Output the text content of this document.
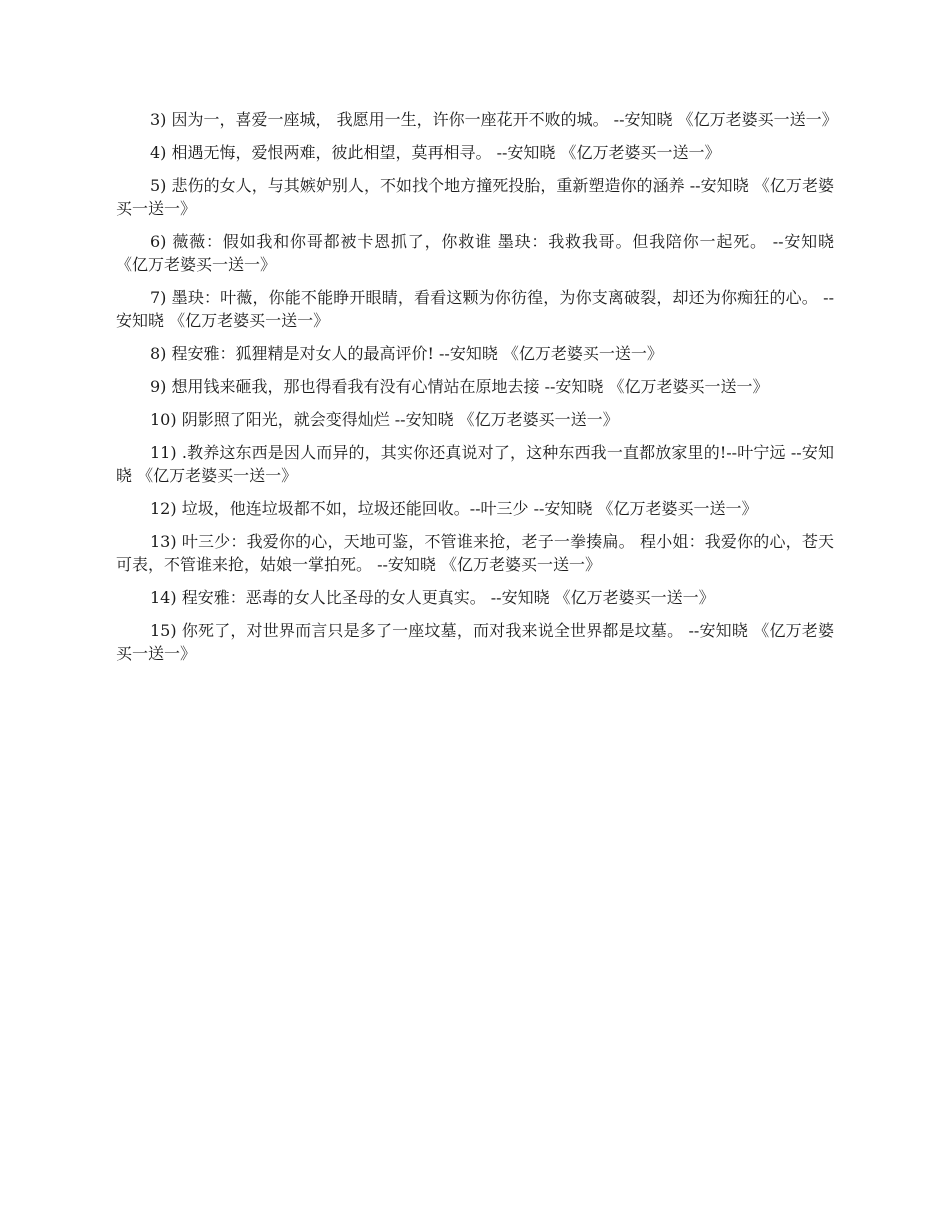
3) 因为一，喜爱一座城， 我愿用一生，许你一座花开不败的城。 --安知晓 《亿万老婆买一送一》

4) 相遇无悔，爱恨两难，彼此相望，莫再相寻。 --安知晓 《亿万老婆买一送一》

5) 悲伤的女人，与其嫉妒别人，不如找个地方撞死投胎，重新塑造你的涵养 --安知晓 《亿万老婆买一送一》

6) 薇薇：假如我和你哥都被卡恩抓了，你救谁 墨玦：我救我哥。但我陪你一起死。 --安知晓 《亿万老婆买一送一》

7) 墨玦：叶薇，你能不能睁开眼睛，看看这颗为你彷徨，为你支离破裂，却还为你痴狂的心。 --安知晓 《亿万老婆买一送一》

8) 程安雅：狐狸精是对女人的最高评价! --安知晓 《亿万老婆买一送一》

9) 想用钱来砸我，那也得看我有没有心情站在原地去接 --安知晓 《亿万老婆买一送一》

10) 阴影照了阳光，就会变得灿烂 --安知晓 《亿万老婆买一送一》

11) .教养这东西是因人而异的，其实你还真说对了，这种东西我一直都放家里的!--叶宁远 --安知晓 《亿万老婆买一送一》

12) 垃圾，他连垃圾都不如，垃圾还能回收。--叶三少 --安知晓 《亿万老婆买一送一》

13) 叶三少：我爱你的心，天地可鉴，不管谁来抢，老子一拳揍扁。 程小姐：我爱你的心，苍天可表，不管谁来抢，姑娘一掌拍死。 --安知晓 《亿万老婆买一送一》

14) 程安雅：恶毒的女人比圣母的女人更真实。 --安知晓 《亿万老婆买一送一》

15) 你死了，对世界而言只是多了一座坟墓，而对我来说全世界都是坟墓。 --安知晓 《亿万老婆买一送一》
